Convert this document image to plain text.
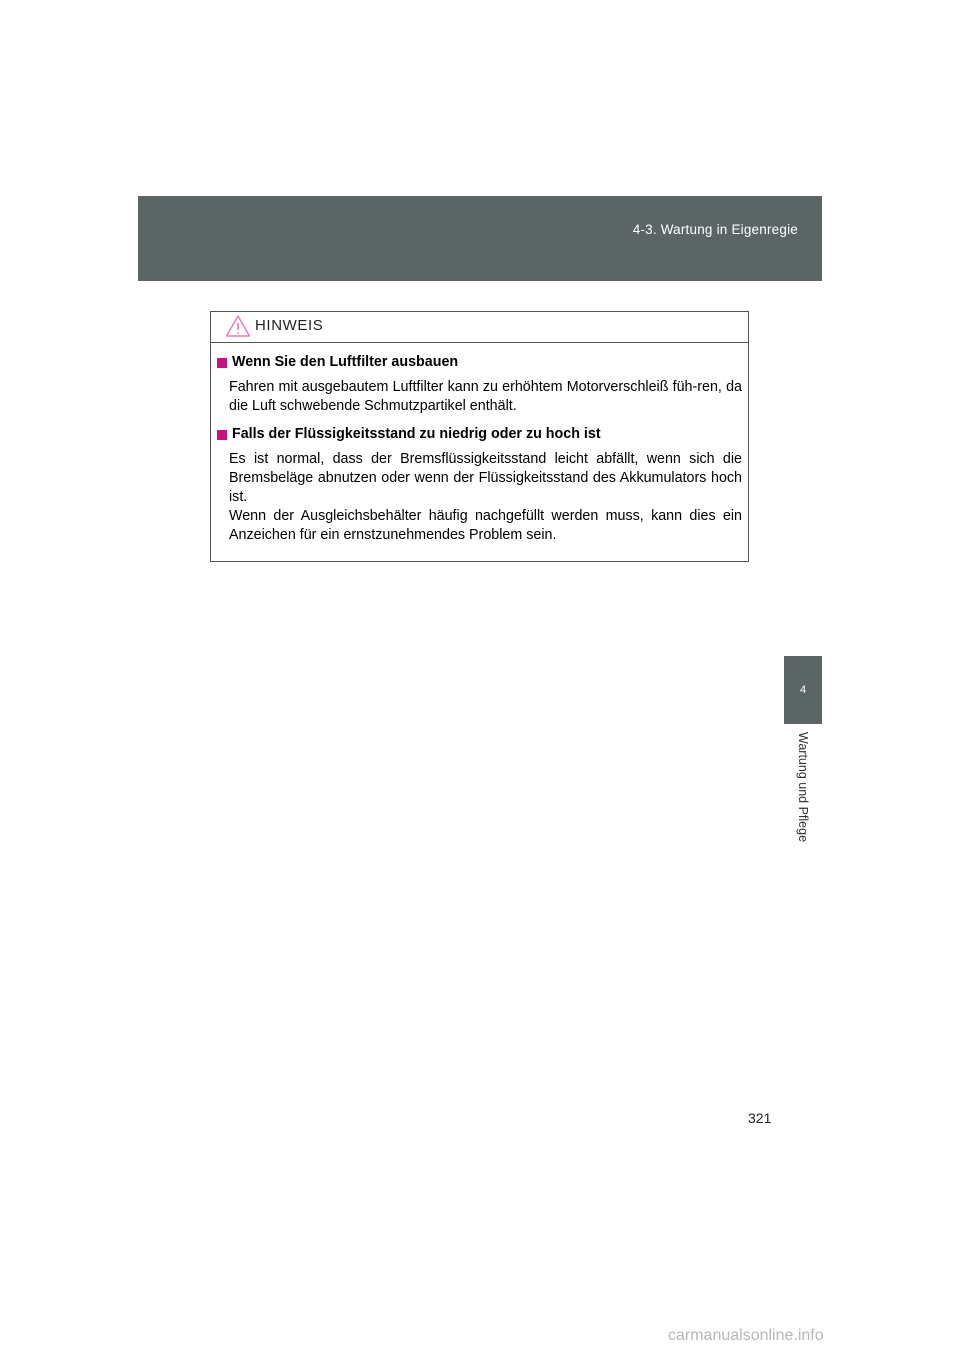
4-3. Wartung in Eigenregie
4
Wartung und Pflege
HINWEIS
Wenn Sie den Luftfilter ausbauen

Fahren mit ausgebautem Luftfilter kann zu erhöhtem Motorverschleiß füh-ren, da die Luft schwebende Schmutzpartikel enthält.

Falls der Flüssigkeitsstand zu niedrig oder zu hoch ist

Es ist normal, dass der Bremsflüssigkeitsstand leicht abfällt, wenn sich die Bremsbeläge abnutzen oder wenn der Flüssigkeitsstand des Akkumulators hoch ist.

Wenn der Ausgleichsbehälter häufig nachgefüllt werden muss, kann dies ein Anzeichen für ein ernstzunehmendes Problem sein.

321
carmanualsonline.info
